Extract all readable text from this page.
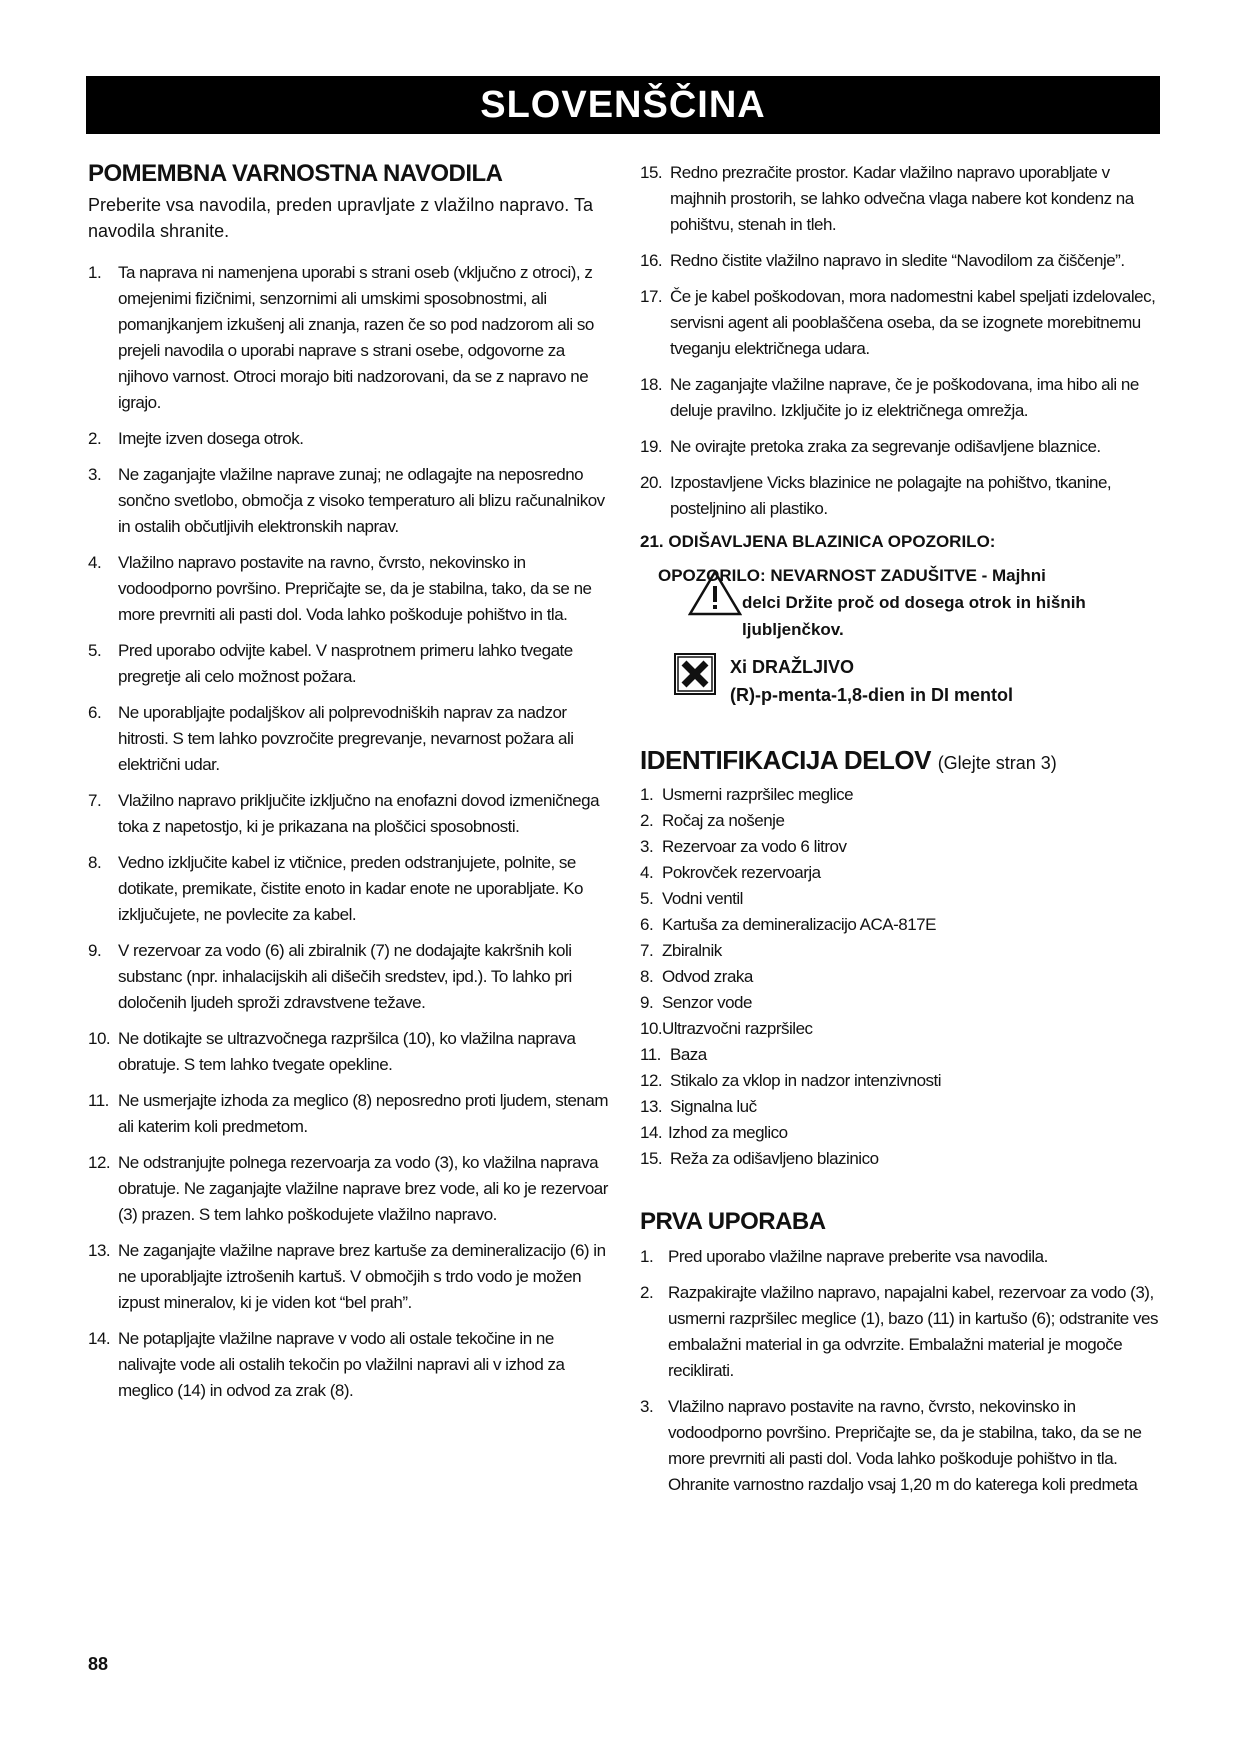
SLOVENŠČINA
POMEMBNA VARNOSTNA NAVODILA
Preberite vsa navodila, preden upravljate z vlažilno napravo. Ta navodila shranite.
1. Ta naprava ni namenjena uporabi s strani oseb (vključno z otroci), z omejenimi fizičnimi, senzornimi ali umskimi sposobnostmi, ali pomanjkanjem izkušenj ali znanja, razen če so pod nadzorom ali so prejeli navodila o uporabi naprave s strani osebe, odgovorne za njihovo varnost. Otroci morajo biti nadzorovani, da se z napravo ne igrajo.
2. Imejte izven dosega otrok.
3. Ne zaganjajte vlažilne naprave zunaj; ne odlagajte na neposredno sončno svetlobo, območja z visoko temperaturo ali blizu računalnikov in ostalih občutljivih elektronskih naprav.
4. Vlažilno napravo postavite na ravno, čvrsto, nekovinsko in vodoodporno površino. Prepričajte se, da je stabilna, tako, da se ne more prevrniti ali pasti dol. Voda lahko poškoduje pohištvo in tla.
5. Pred uporabo odvijte kabel. V nasprotnem primeru lahko tvegate pregretje ali celo možnost požara.
6. Ne uporabljajte podaljškov ali polprevodniških naprav za nadzor hitrosti. S tem lahko povzročite pregrevanje, nevarnost požara ali električni udar.
7. Vlažilno napravo priključite izključno na enofazni dovod izmeničnega toka z napetostjo, ki je prikazana na ploščici sposobnosti.
8. Vedno izključite kabel iz vtičnice, preden odstranjujete, polnite, se dotikate, premikate, čistite enoto in kadar enote ne uporabljate. Ko izključujete, ne povlecite za kabel.
9. V rezervoar za vodo (6) ali zbiralnik (7) ne dodajajte kakršnih koli substanc (npr. inhalacijskih ali dišečih sredstev, ipd.). To lahko pri določenih ljudeh sproži zdravstvene težave.
10. Ne dotikajte se ultrazvočnega razpršilca (10), ko vlažilna naprava obratuje. S tem lahko tvegate opekline.
11. Ne usmerjajte izhoda za meglico (8) neposredno proti ljudem, stenam ali katerim koli predmetom.
12. Ne odstranjujte polnega rezervoarja za vodo (3), ko vlažilna naprava obratuje. Ne zaganjajte vlažilne naprave brez vode, ali ko je rezervoar (3) prazen. S tem lahko poškodujete vlažilno napravo.
13. Ne zaganjajte vlažilne naprave brez kartuše za demineralizacijo (6) in ne uporabljajte iztrošenih kartuš. V območjih s trdo vodo je možen izpust mineralov, ki je viden kot “bel prah”.
14. Ne potapljajte vlažilne naprave v vodo ali ostale tekočine in ne nalivajte vode ali ostalih tekočin po vlažilni napravi ali v izhod za meglico (14) in odvod za zrak (8).
15. Redno prezračite prostor. Kadar vlažilno napravo uporabljate v majhnih prostorih, se lahko odvečna vlaga nabere kot kondenz na pohištvu, stenah in tleh.
16. Redno čistite vlažilno napravo in sledite “Navodilom za čiščenje”.
17. Če je kabel poškodovan, mora nadomestni kabel speljati izdelovalec, servisni agent ali pooblaščena oseba, da se izognete morebitnemu tveganju električnega udara.
18. Ne zaganjajte vlažilne naprave, če je poškodovana, ima hibo ali ne deluje pravilno. Izključite jo iz električnega omrežja.
19. Ne ovirajte pretoka zraka za segrevanje odišavljene blaznice.
20. Izpostavljene Vicks blazinice ne polagajte na pohištvo, tkanine, posteljnino ali plastiko.
21. ODIŠAVLJENA BLAZINICA OPOZORILO:
OPOZORILO: NEVARNOST ZADUŠITVE - Majhni
delci Držite proč od dosega otrok in hišnih
ljubljenčkov.
Xi DRAŽLJIVO
(R)-p-menta-1,8-dien in DI mentol
IDENTIFIKACIJA DELOV (Glejte stran 3)
1. Usmerni razpršilec meglice
2. Ročaj za nošenje
3. Rezervoar za vodo 6 litrov
4. Pokrovček rezervoarja
5. Vodni ventil
6. Kartuša za demineralizacijo ACA-817E
7. Zbiralnik
8. Odvod zraka
9. Senzor vode
10. Ultrazvočni razpršilec
11. Baza
12. Stikalo za vklop in nadzor intenzivnosti
13. Signalna luč
14. Izhod za meglico
15. Reža za odišavljeno blazinico
PRVA UPORABA
1. Pred uporabo vlažilne naprave preberite vsa navodila.
2. Razpakirajte vlažilno napravo, napajalni kabel, rezervoar za vodo (3), usmerni razpršilec meglice (1), bazo (11) in kartušo (6); odstranite ves embalažni material in ga odvrzite. Embalažni material je mogoče reciklirati.
3. Vlažilno napravo postavite na ravno, čvrsto, nekovinsko in vodoodporno površino. Prepričajte se, da je stabilna, tako, da se ne more prevrniti ali pasti dol. Voda lahko poškoduje pohištvo in tla. Ohranite varnostno razdaljo vsaj 1,20 m do katerega koli predmeta
88
